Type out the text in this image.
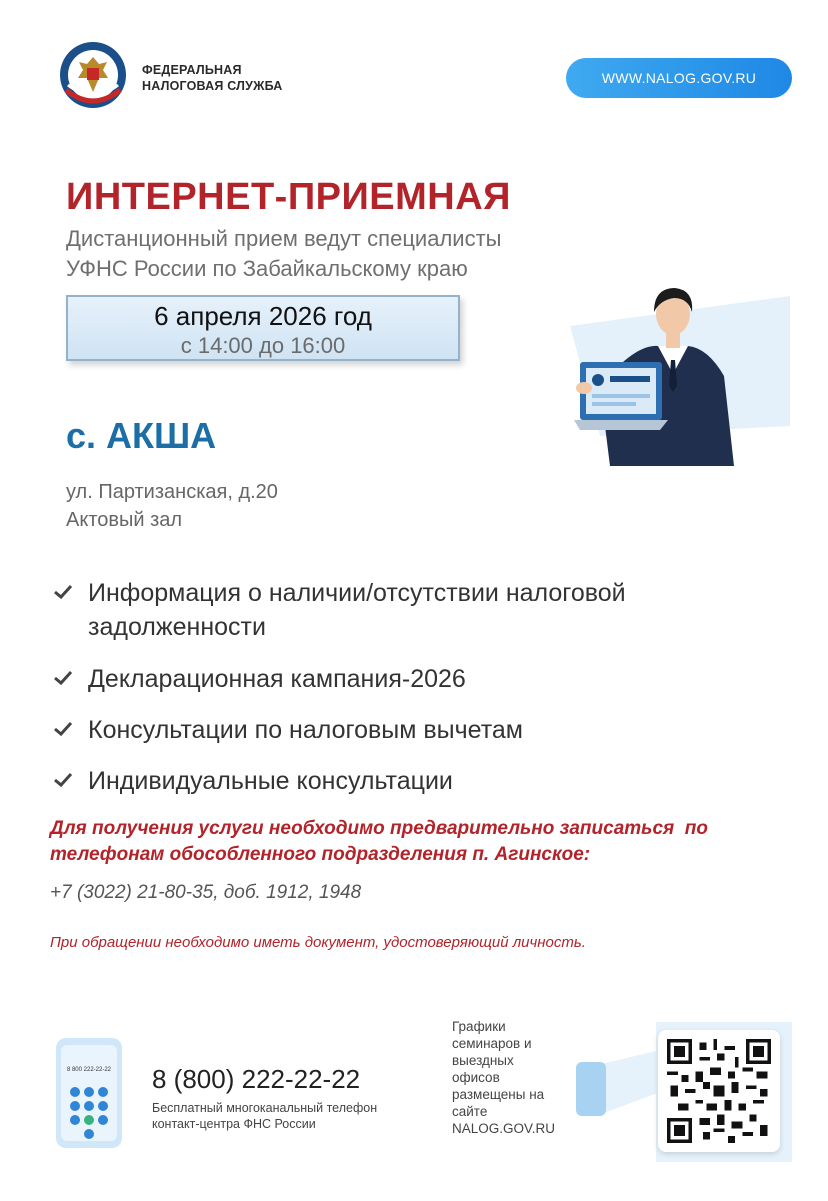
ФЕДЕРАЛЬНАЯ
НАЛОГОВАЯ СЛУЖБА	WWW.NALOG.GOV.RU
ИНТЕРНЕТ-ПРИЕМНАЯ
Дистанционный прием ведут специалисты
УФНС России по Забайкальскому краю
6 апреля 2026 год
с 14:00 до 16:00
с. АКША
ул. Партизанская, д.20
Актовый зал
Информация о наличии/отсутствии налоговой задолженности
Декларационная кампания-2026
Консультации по налоговым вычетам
Индивидуальные консультации
Для получения услуги необходимо предварительно записаться  по
телефонам обособленного подразделения п. Агинское:
+7 (3022) 21-80-35, доб. 1912, 1948
При обращении необходимо иметь документ, удостоверяющий личность.
8 800 222-22-22 8 (800) 222-22-22
Бесплатный многоканальный телефон
контакт-центра ФНС России
Графики
семинаров и
выездных
офисов
размещены на
сайте
NALOG.GOV.RU
